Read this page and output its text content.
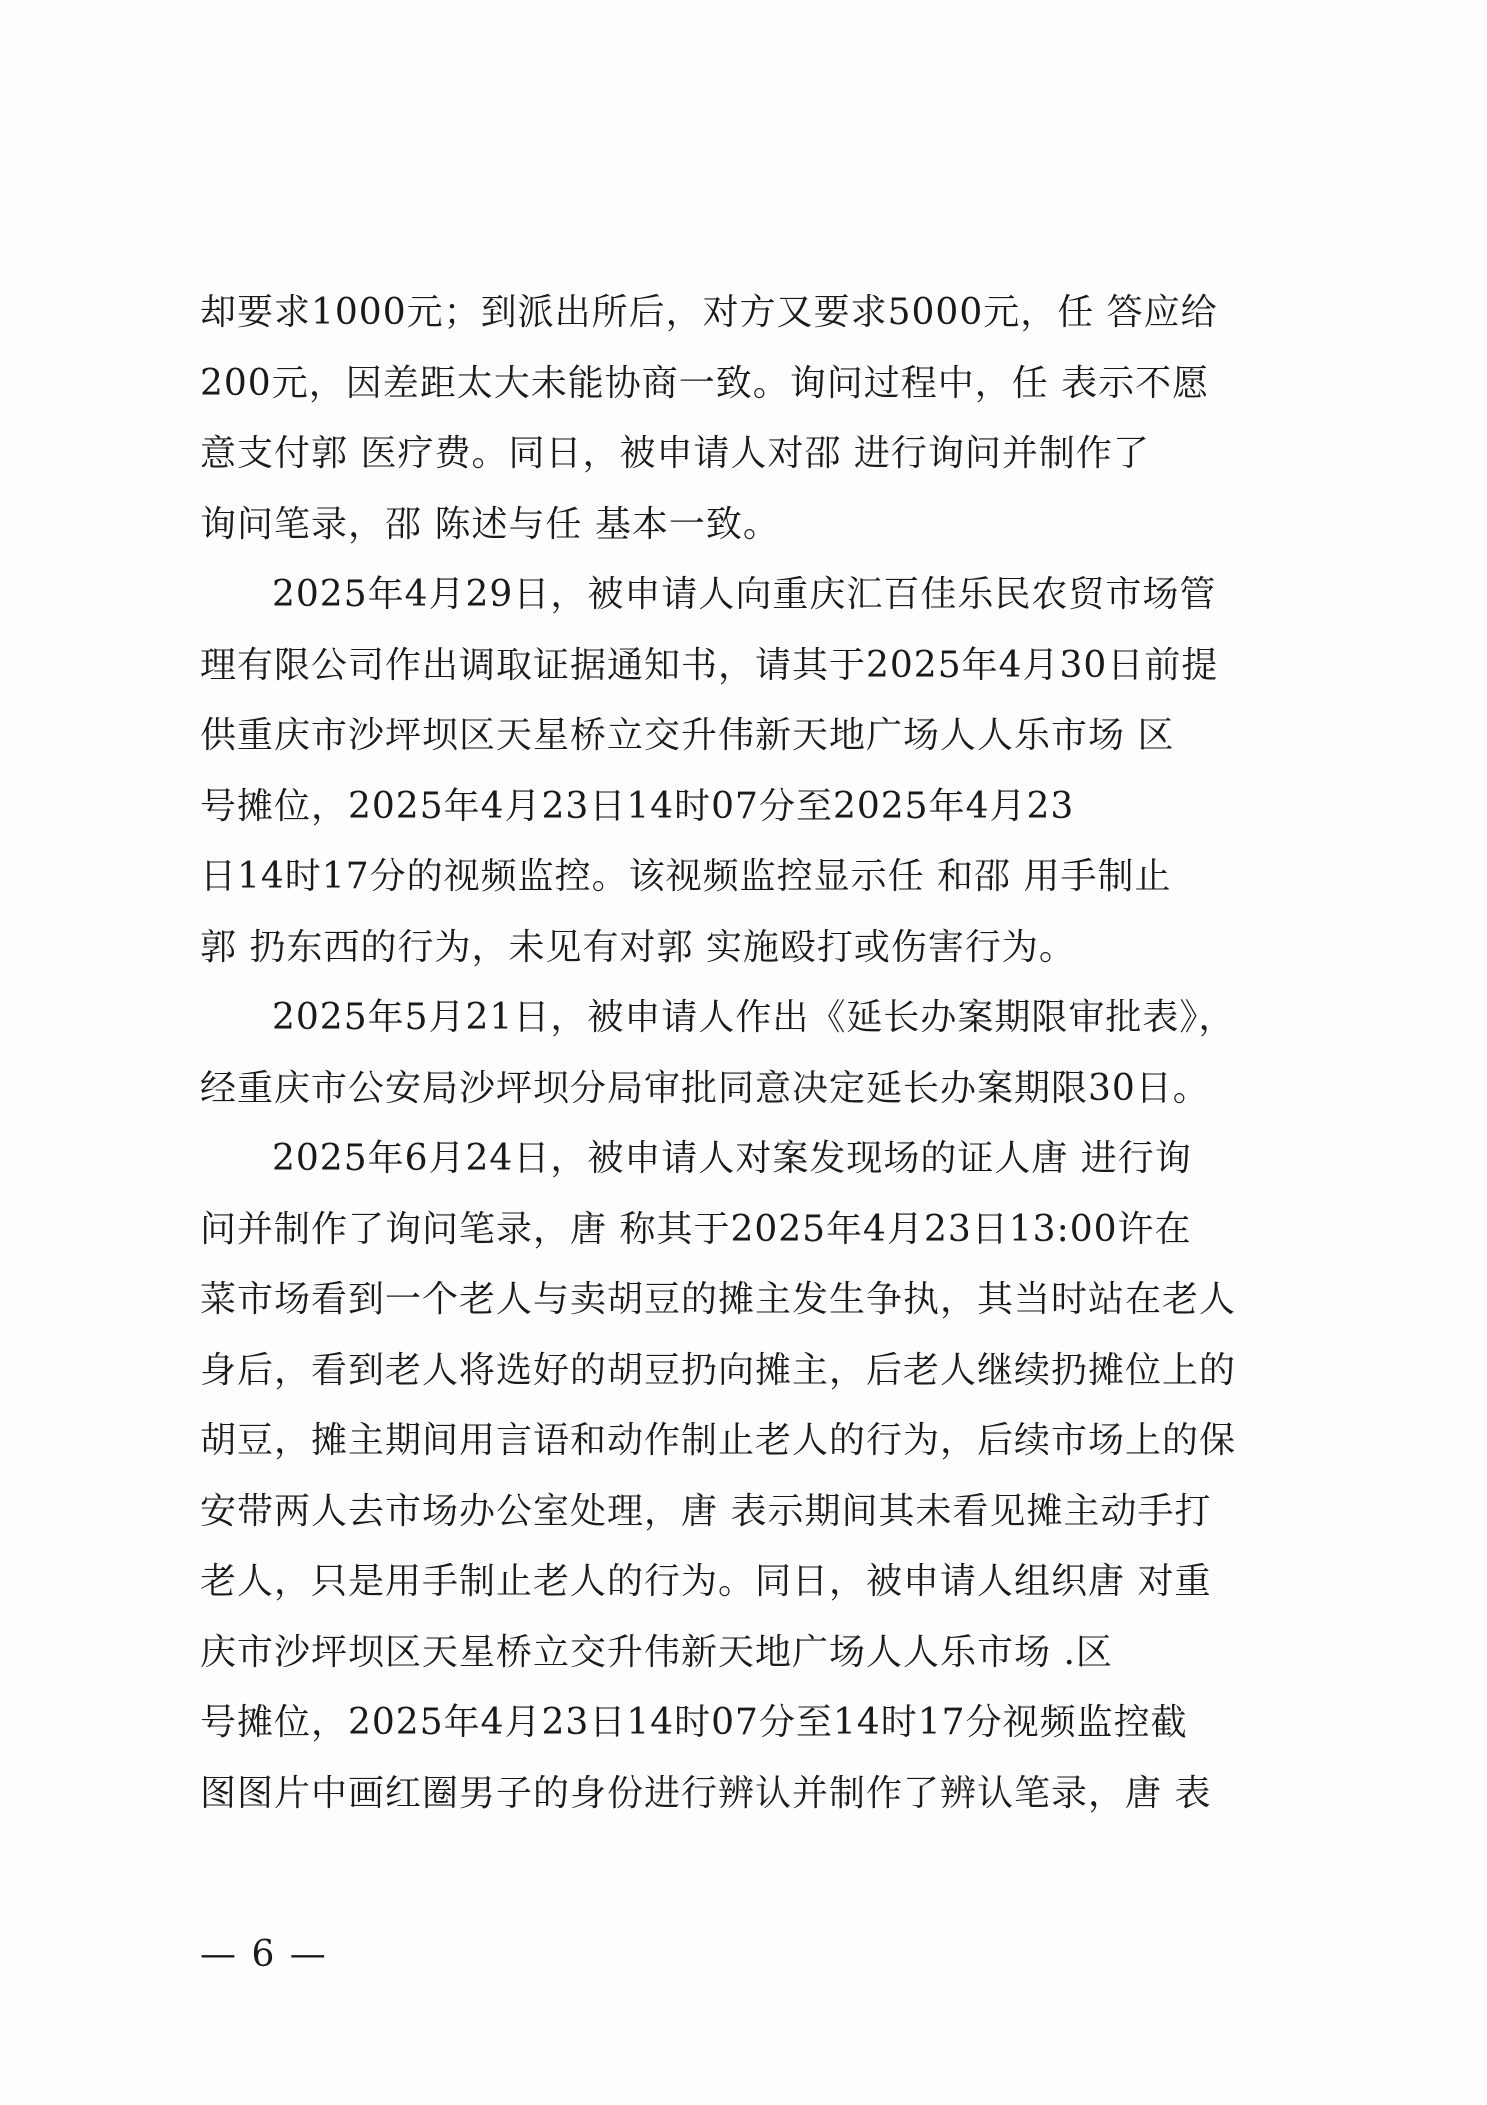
却要求1000元；到派出所后，对方又要求5000元，任 答应给
200元，因差距太大未能协商一致。询问过程中，任 表示不愿
意支付郭 医疗费。同日，被申请人对邵 进行询问并制作了
询问笔录，邵 陈述与任 基本一致。
2025年4月29日，被申请人向重庆汇百佳乐民农贸市场管
理有限公司作出调取证据通知书，请其于2025年4月30日前提
供重庆市沙坪坝区天星桥立交升伟新天地广场人人乐市场 区
号摊位，2025年4月23日14时07分至2025年4月23
日14时17分的视频监控。该视频监控显示任 和邵 用手制止
郭 扔东西的行为，未见有对郭 实施殴打或伤害行为。
2025年5月21日，被申请人作出《延长办案期限审批表》，
经重庆市公安局沙坪坝分局审批同意决定延长办案期限30日。
2025年6月24日，被申请人对案发现场的证人唐 进行询
问并制作了询问笔录，唐 称其于2025年4月23日13:00许在
菜市场看到一个老人与卖胡豆的摊主发生争执，其当时站在老人
身后，看到老人将选好的胡豆扔向摊主，后老人继续扔摊位上的
胡豆，摊主期间用言语和动作制止老人的行为，后续市场上的保
安带两人去市场办公室处理，唐 表示期间其未看见摊主动手打
老人，只是用手制止老人的行为。同日，被申请人组织唐 对重
庆市沙坪坝区天星桥立交升伟新天地广场人人乐市场 .区
号摊位，2025年4月23日14时07分至14时17分视频监控截
图图片中画红圈男子的身份进行辨认并制作了辨认笔录，唐 表
— 6 —
